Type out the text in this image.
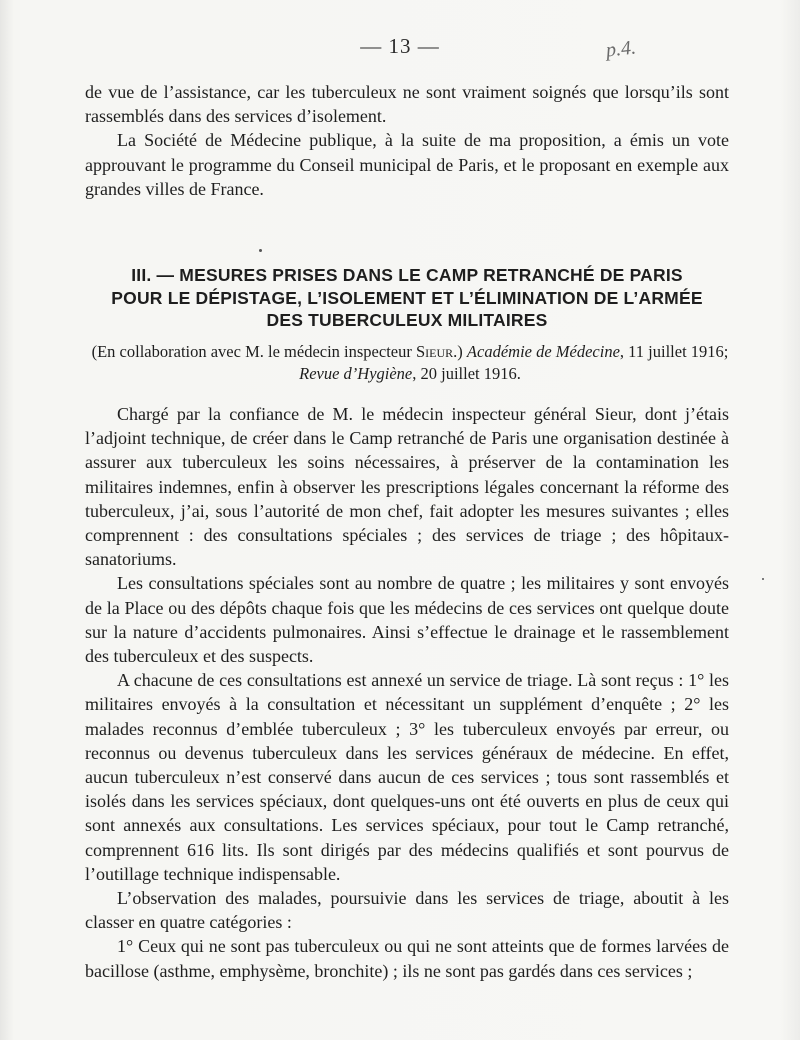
— 13 —	p.4.

de vue de l’assistance, car les tuberculeux ne sont vraiment soignés que lorsqu’ils sont rassemblés dans des services d’isolement.

La Société de Médecine publique, à la suite de ma proposition, a émis un vote approuvant le programme du Conseil municipal de Paris, et le proposant en exemple aux grandes villes de France.

III. — MESURES PRISES DANS LE CAMP RETRANCHÉ DE PARIS
POUR LE DÉPISTAGE, L’ISOLEMENT ET L’ÉLIMINATION DE L’ARMÉE
DES TUBERCULEUX MILITAIRES
(En collaboration avec M. le médecin inspecteur Sieur.) Académie de Médecine, 11 juillet 1916;
Revue d’Hygiène, 20 juillet 1916.

Chargé par la confiance de M. le médecin inspecteur général Sieur, dont j’étais l’adjoint technique, de créer dans le Camp retranché de Paris une organisation destinée à assurer aux tuberculeux les soins nécessaires, à préserver de la contamination les militaires indemnes, enfin à observer les prescriptions légales concernant la réforme des tuberculeux, j’ai, sous l’autorité de mon chef, fait adopter les mesures suivantes ; elles comprennent : des consultations spéciales ; des services de triage ; des hôpitaux-sanatoriums.

Les consultations spéciales sont au nombre de quatre ; les militaires y sont envoyés de la Place ou des dépôts chaque fois que les médecins de ces services ont quelque doute sur la nature d’accidents pulmonaires. Ainsi s’effectue le drainage et le rassemblement des tuberculeux et des suspects.

A chacune de ces consultations est annexé un service de triage. Là sont reçus : 1° les militaires envoyés à la consultation et nécessitant un supplément d’enquête ; 2° les malades reconnus d’emblée tuberculeux ; 3° les tuberculeux envoyés par erreur, ou reconnus ou devenus tuberculeux dans les services généraux de médecine. En effet, aucun tuberculeux n’est conservé dans aucun de ces services ; tous sont rassemblés et isolés dans les services spéciaux, dont quelques-uns ont été ouverts en plus de ceux qui sont annexés aux consultations. Les services spéciaux, pour tout le Camp retranché, comprennent 616 lits. Ils sont dirigés par des médecins qualifiés et sont pourvus de l’outillage technique indispensable.

L’observation des malades, poursuivie dans les services de triage, aboutit à les classer en quatre catégories :

1° Ceux qui ne sont pas tuberculeux ou qui ne sont atteints que de formes larvées de bacillose (asthme, emphysème, bronchite) ; ils ne sont pas gardés dans ces services ;
